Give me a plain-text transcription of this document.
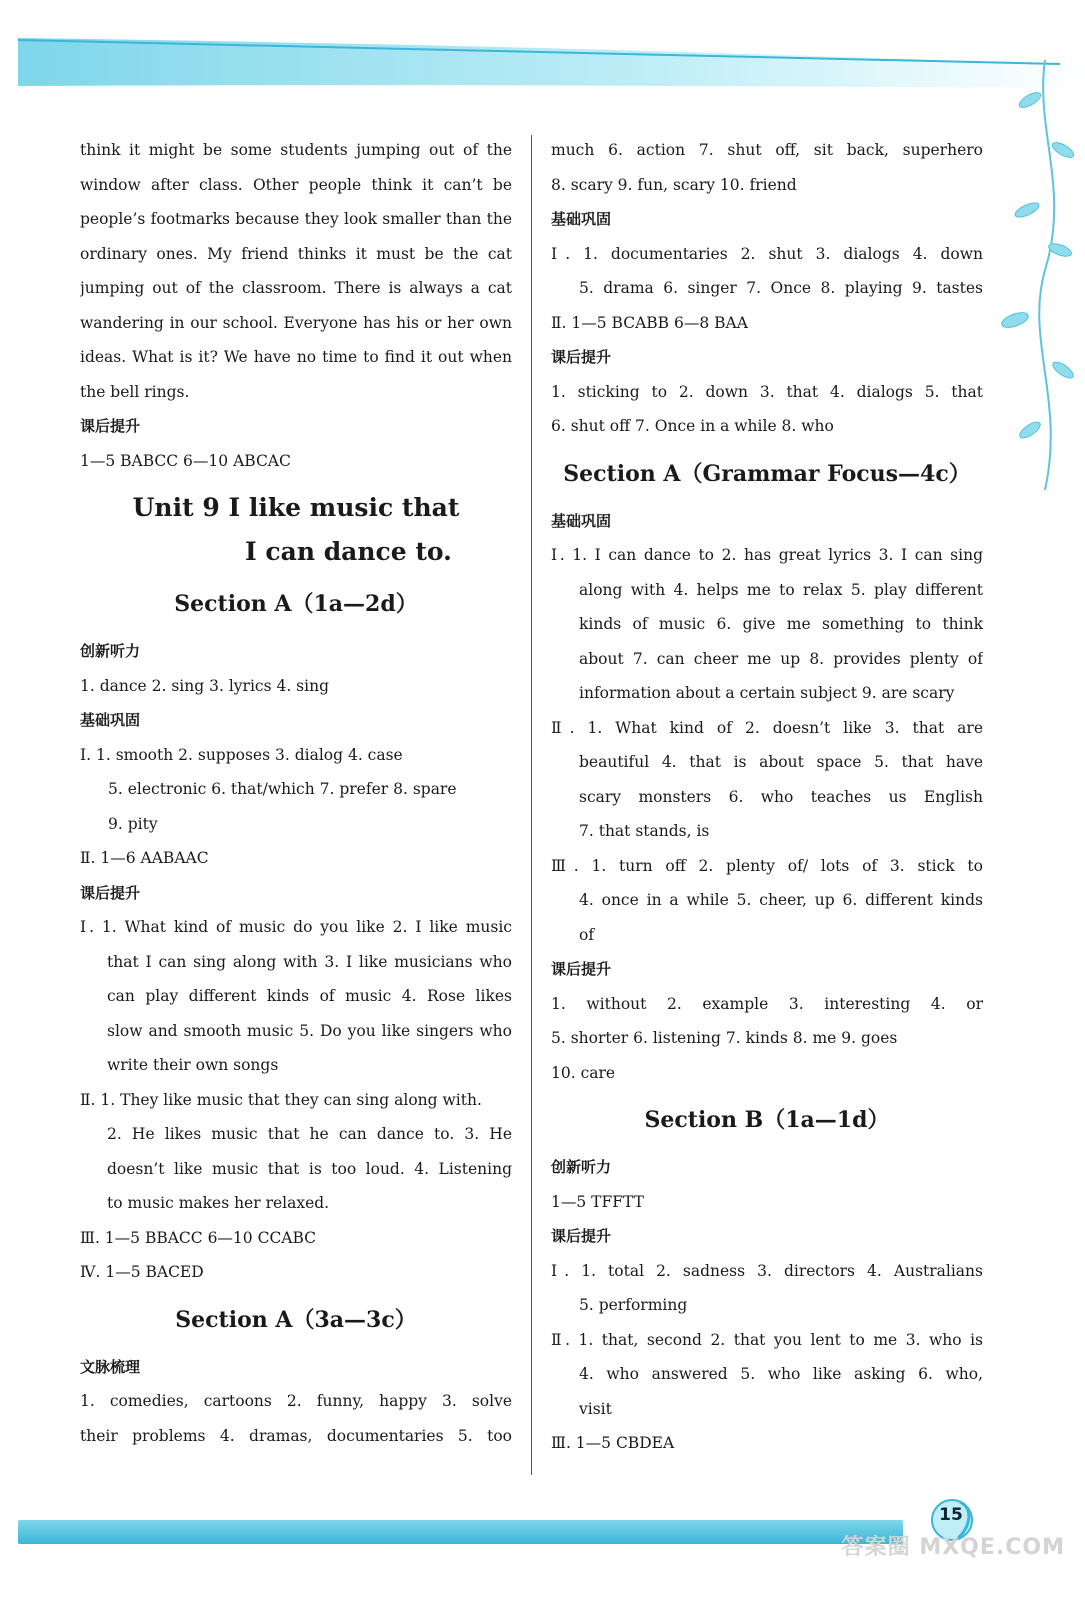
think it might be some students jumping out of the
window after class. Other people think it can’t be
people’s footmarks because they look smaller than the
ordinary ones. My friend thinks it must be the cat
jumping out of the classroom. There is always a cat
wandering in our school. Everyone has his or her own
ideas. What is it? We have no time to find it out when
the bell rings.
课后提升
1—5 BABCC 6—10 ABCAC
Unit 9 I like music that
I can dance to.
Section A（1a—2d）
创新听力
1. dance 2. sing 3. lyrics 4. sing
基础巩固
Ⅰ. 1. smooth 2. supposes 3. dialog 4. case
5. electronic 6. that/which 7. prefer 8. spare
9. pity
Ⅱ. 1—6 AABAAC
课后提升
Ⅰ. 1. What kind of music do you like 2. I like music
that I can sing along with 3. I like musicians who
can play different kinds of music 4. Rose likes
slow and smooth music 5. Do you like singers who
write their own songs
Ⅱ. 1. They like music that they can sing along with.
2. He likes music that he can dance to. 3. He
doesn’t like music that is too loud. 4. Listening
to music makes her relaxed.
Ⅲ. 1—5 BBACC 6—10 CCABC
Ⅳ. 1—5 BACED
Section A（3a—3c）
文脉梳理
1. comedies, cartoons 2. funny, happy 3. solve
their problems 4. dramas, documentaries 5. too
much 6. action 7. shut off, sit back, superhero
8. scary 9. fun, scary 10. friend
基础巩固
Ⅰ. 1. documentaries 2. shut 3. dialogs 4. down
5. drama 6. singer 7. Once 8. playing 9. tastes
Ⅱ. 1—5 BCABB 6—8 BAA
课后提升
1. sticking to 2. down 3. that 4. dialogs 5. that
6. shut off 7. Once in a while 8. who
Section A（Grammar Focus—4c）
基础巩固
Ⅰ. 1. I can dance to 2. has great lyrics 3. I can sing
along with 4. helps me to relax 5. play different
kinds of music 6. give me something to think
about 7. can cheer me up 8. provides plenty of
information about a certain subject 9. are scary
Ⅱ. 1. What kind of 2. doesn’t like 3. that are
beautiful 4. that is about space 5. that have
scary monsters 6. who teaches us English
7. that stands, is
Ⅲ. 1. turn off 2. plenty of/ lots of 3. stick to
4. once in a while 5. cheer, up 6. different kinds
of
课后提升
1. without 2. example 3. interesting 4. or
5. shorter 6. listening 7. kinds 8. me 9. goes
10. care
Section B（1a—1d）
创新听力
1—5 TFFTT
课后提升
Ⅰ. 1. total 2. sadness 3. directors 4. Australians
5. performing
Ⅱ. 1. that, second 2. that you lent to me 3. who is
4. who answered 5. who like asking 6. who,
visit
Ⅲ. 1—5 CBDEA
15
答案圈 MXQE.COM
